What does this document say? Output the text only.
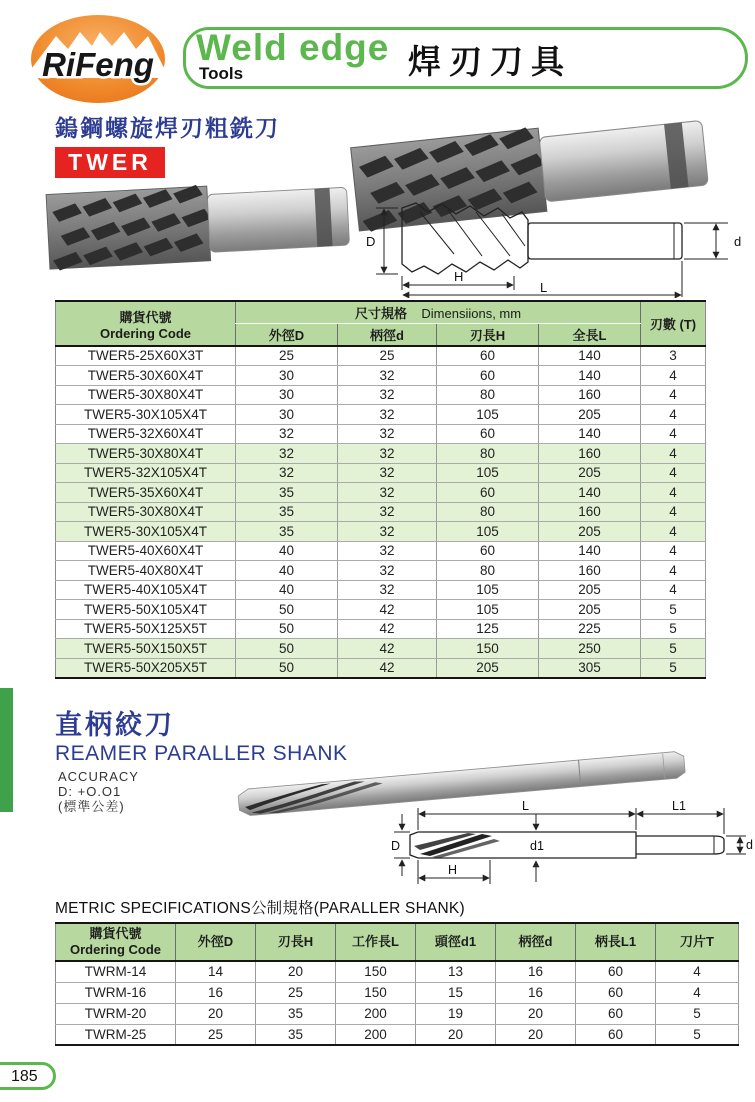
RiFeng Weld edge
Tools	焊刃刀具
鎢鋼螺旋焊刃粗銑刀
TWER
D	d
H
L
購貨代號
Ordering Code	尺寸規格 Dimensiions, mm				刃數 (T)
	外徑D	柄徑d	刃長H	全長L	
TWER5-25X60X3T	25	25	60	140	3
TWER5-30X60X4T	30	32	60	140	4
TWER5-30X80X4T	30	32	80	160	4
TWER5-30X105X4T	30	32	105	205	4
TWER5-32X60X4T	32	32	60	140	4
TWER5-30X80X4T	32	32	80	160	4
TWER5-32X105X4T	32	32	105	205	4
TWER5-35X60X4T	35	32	60	140	4
TWER5-30X80X4T	35	32	80	160	4
TWER5-30X105X4T	35	32	105	205	4
TWER5-40X60X4T	40	32	60	140	4
TWER5-40X80X4T	40	32	80	160	4
TWER5-40X105X4T	40	32	105	205	4
TWER5-50X105X4T	50	42	105	205	5
TWER5-50X125X5T	50	42	125	225	5
TWER5-50X150X5T	50	42	150	250	5
TWER5-50X205X5T	50	42	205	305	5
直柄絞刀
REAMER PARALLER SHANK
ACCURACY
D: +O.O1
(標準公差)
D
L	L1
d1
H
d
METRIC SPECIFICATIONS公制規格(PARALLER SHANK)
購貨代號
Ordering Code	外徑D	刃長H	工作長L	頭徑d1	柄徑d	柄長L1	刀片T
TWRM-14	14	20	150	13	16	60	4
TWRM-16	16	25	150	15	16	60	4
TWRM-20	20	35	200	19	20	60	5
TWRM-25	25	35	200	20	20	60	5
185
